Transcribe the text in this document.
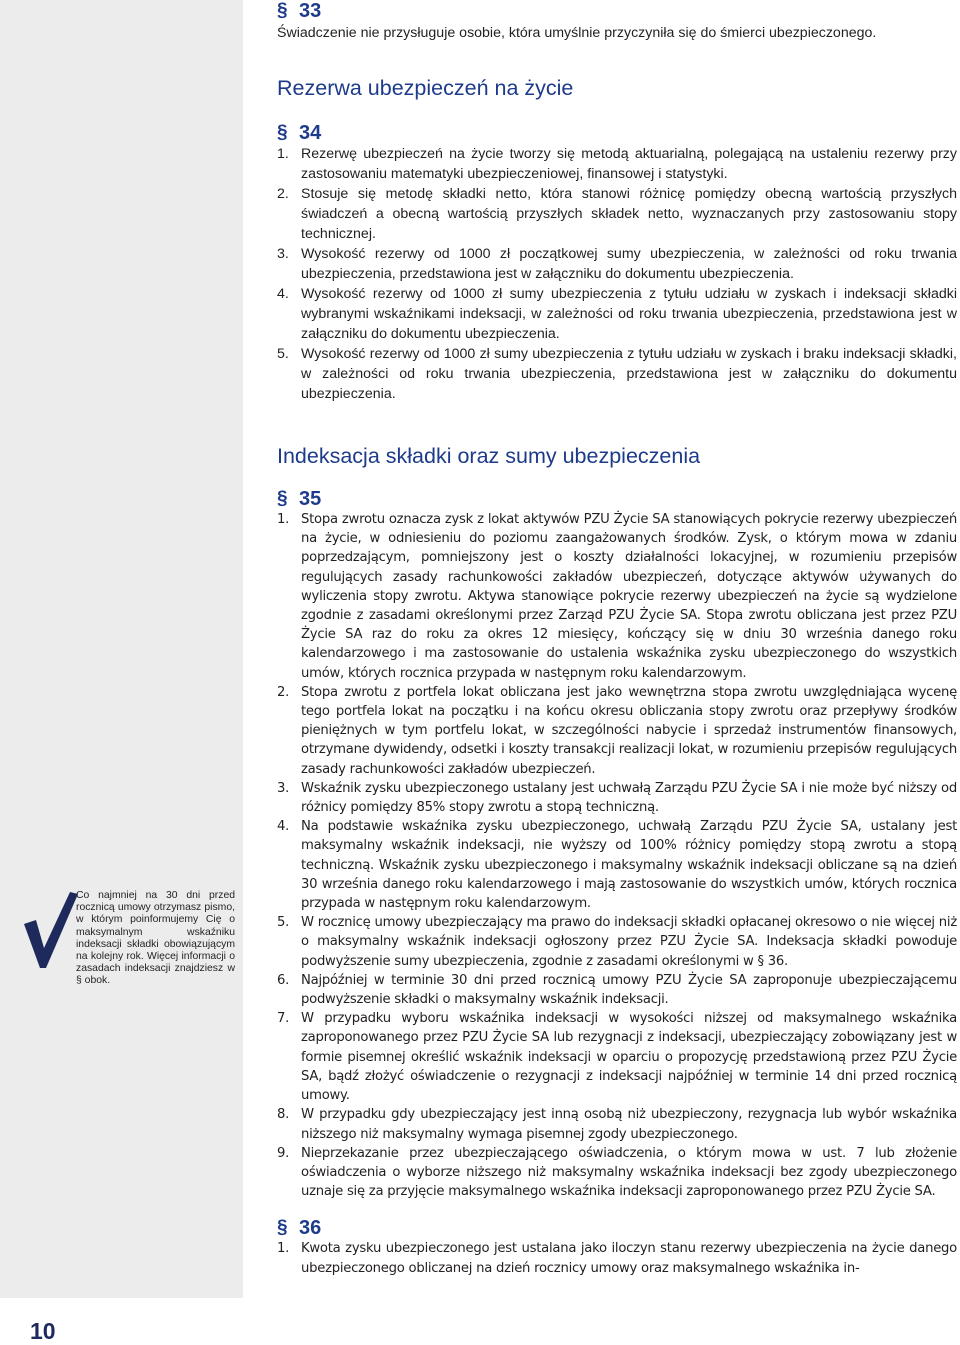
Co najmniej na 30 dni przed rocznicą umowy otrzymasz pismo, w którym poinformujemy Cię o maksymalnym wskaźniku indeksacji składki obowiązującym na kolejny rok. Więcej informacji o zasadach indeksacji znajdziesz w § obok.
10
§ 33
Świadczenie nie przysługuje osobie, która umyślnie przyczyniła się do śmierci ubezpieczonego.
Rezerwa ubezpieczeń na życie
§ 34
1. Rezerwę ubezpieczeń na życie tworzy się metodą aktuarialną, polegającą na ustaleniu rezerwy przy zastosowaniu matematyki ubezpieczeniowej, finansowej i statystyki.
2. Stosuje się metodę składki netto, która stanowi różnicę pomiędzy obecną wartością przyszłych świadczeń a obecną wartością przyszłych składek netto, wyznaczanych przy zastosowaniu stopy technicznej.
3. Wysokość rezerwy od 1000 zł początkowej sumy ubezpieczenia, w zależności od roku trwania ubezpieczenia, przedstawiona jest w załączniku do dokumentu ubezpieczenia.
4. Wysokość rezerwy od 1000 zł sumy ubezpieczenia z tytułu udziału w zyskach i indeksacji składki wybranymi wskaźnikami indeksacji, w zależności od roku trwania ubezpieczenia, przedstawiona jest w załączniku do dokumentu ubezpieczenia.
5. Wysokość rezerwy od 1000 zł sumy ubezpieczenia z tytułu udziału w zyskach i braku indeksacji składki, w zależności od roku trwania ubezpieczenia, przedstawiona jest w załączniku do dokumentu ubezpieczenia.
Indeksacja składki oraz sumy ubezpieczenia
§ 35
1. Stopa zwrotu oznacza zysk z lokat aktywów PZU Życie SA stanowiących pokrycie rezerwy ubezpieczeń na życie, w odniesieniu do poziomu zaangażowanych środków. Zysk, o którym mowa w zdaniu poprzedzającym, pomniejszony jest o koszty działalności lokacyjnej, w rozumieniu przepisów regulujących zasady rachunkowości zakładów ubezpieczeń, dotyczące aktywów używanych do wyliczenia stopy zwrotu. Aktywa stanowiące pokrycie rezerwy ubezpieczeń na życie są wydzielone zgodnie z zasadami określonymi przez Zarząd PZU Życie SA. Stopa zwrotu obliczana jest przez PZU Życie SA raz do roku za okres 12 miesięcy, kończący się w dniu 30 września danego roku kalendarzowego i ma zastosowanie do ustalenia wskaźnika zysku ubezpieczonego do wszystkich umów, których rocznica przypada w następnym roku kalendarzowym.
2. Stopa zwrotu z portfela lokat obliczana jest jako wewnętrzna stopa zwrotu uwzględniająca wycenę tego portfela lokat na początku i na końcu okresu obliczania stopy zwrotu oraz przepływy środków pieniężnych w tym portfelu lokat, w szczególności nabycie i sprzedaż instrumentów finansowych, otrzymane dywidendy, odsetki i koszty transakcji realizacji lokat, w rozumieniu przepisów regulujących zasady rachunkowości zakładów ubezpieczeń.
3. Wskaźnik zysku ubezpieczonego ustalany jest uchwałą Zarządu PZU Życie SA i nie może być niższy od różnicy pomiędzy 85% stopy zwrotu a stopą techniczną.
4. Na podstawie wskaźnika zysku ubezpieczonego, uchwałą Zarządu PZU Życie SA, ustalany jest maksymalny wskaźnik indeksacji, nie wyższy od 100% różnicy pomiędzy stopą zwrotu a stopą techniczną. Wskaźnik zysku ubezpieczonego i maksymalny wskaźnik indeksacji obliczane są na dzień 30 września danego roku kalendarzowego i mają zastosowanie do wszystkich umów, których rocznica przypada w następnym roku kalendarzowym.
5. W rocznicę umowy ubezpieczający ma prawo do indeksacji składki opłacanej okresowo o nie więcej niż o maksymalny wskaźnik indeksacji ogłoszony przez PZU Życie SA. Indeksacja składki powoduje podwyższenie sumy ubezpieczenia, zgodnie z zasadami określonymi w § 36.
6. Najpóźniej w terminie 30 dni przed rocznicą umowy PZU Życie SA zaproponuje ubezpieczającemu podwyższenie składki o maksymalny wskaźnik indeksacji.
7. W przypadku wyboru wskaźnika indeksacji w wysokości niższej od maksymalnego wskaźnika zaproponowanego przez PZU Życie SA lub rezygnacji z indeksacji, ubezpieczający zobowiązany jest w formie pisemnej określić wskaźnik indeksacji w oparciu o propozycję przedstawioną przez PZU Życie SA, bądź złożyć oświadczenie o rezygnacji z indeksacji najpóźniej w terminie 14 dni przed rocznicą umowy.
8. W przypadku gdy ubezpieczający jest inną osobą niż ubezpieczony, rezygnacja lub wybór wskaźnika niższego niż maksymalny wymaga pisemnej zgody ubezpieczonego.
9. Nieprzekazanie przez ubezpieczającego oświadczenia, o którym mowa w ust. 7 lub złożenie oświadczenia o wyborze niższego niż maksymalny wskaźnika indeksacji bez zgody ubezpieczonego uznaje się za przyjęcie maksymalnego wskaźnika indeksacji zaproponowanego przez PZU Życie SA.
§ 36
1. Kwota zysku ubezpieczonego jest ustalana jako iloczyn stanu rezerwy ubezpieczenia na życie danego ubezpieczonego obliczanej na dzień rocznicy umowy oraz maksymalnego wskaźnika in-
